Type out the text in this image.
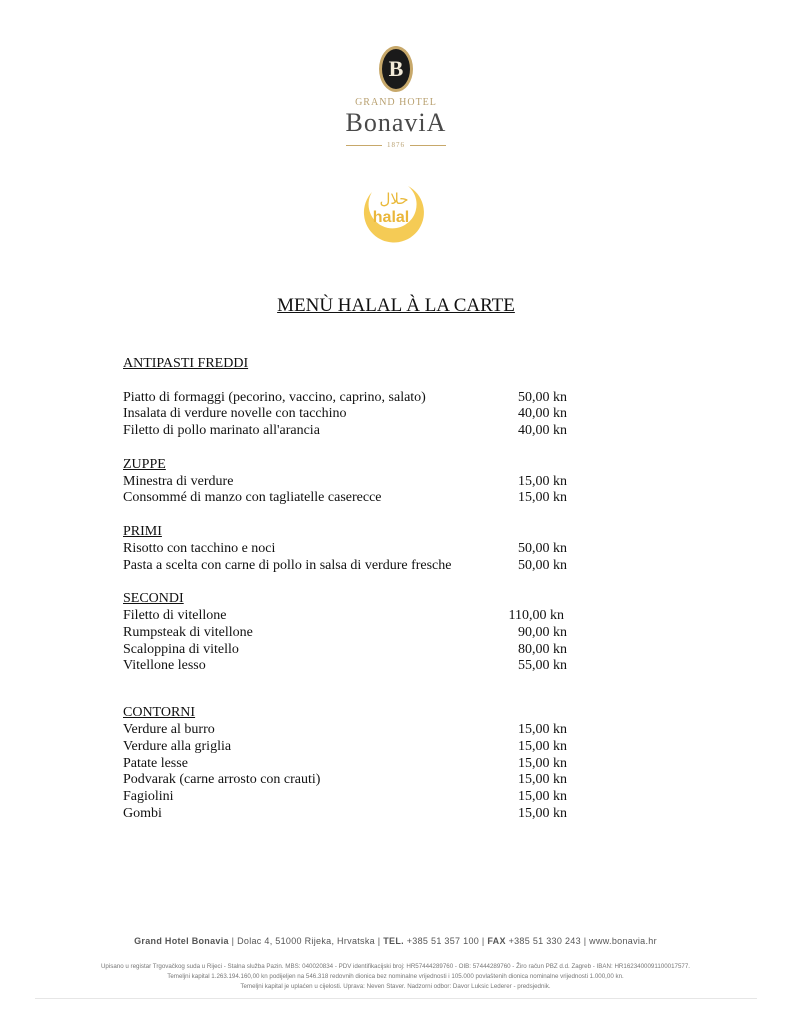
B
GRAND HOTEL
BonaviA
1876
حلال
halal
MENÙ HALAL À LA CARTE
ANTIPASTI FREDDI
Piatto di formaggi (pecorino, vaccino, caprino, salato)	50,00 kn
Insalata di verdure novelle con tacchino	40,00 kn
Filetto di pollo marinato all'arancia	40,00 kn
ZUPPE
Minestra di verdure	15,00 kn
Consommé di manzo con tagliatelle caserecce	15,00 kn
PRIMI
Risotto con tacchino e noci	50,00 kn
Pasta a scelta con carne di pollo in salsa di verdure fresche	50,00 kn
SECONDI
Filetto di vitellone	110,00 kn
Rumpsteak di vitellone	90,00 kn
Scaloppina di vitello	80,00 kn
Vitellone lesso	55,00 kn
CONTORNI
Verdure al burro	15,00 kn
Verdure alla griglia	15,00 kn
Patate lesse	15,00 kn
Podvarak (carne arrosto con crauti)	15,00 kn
Fagiolini	15,00 kn
Gombi	15,00 kn
Grand Hotel Bonavia | Dolac 4, 51000 Rijeka, Hrvatska | TEL. +385 51 357 100 | FAX +385 51 330 243 | www.bonavia.hr
Upisano u registar Trgovačkog suda u Rijeci - Stalna služba Pazin. MBS: 040020834 - PDV identifikacijski broj: HR57444289760 - OIB: 57444289760 - Žiro račun PBZ d.d. Zagreb - IBAN: HR1623400091100017577.
Temeljni kapital 1.263.194.160,00 kn podijeljen na 546.318 redovnih dionica bez nominalne vrijednosti i 105.000 povlaštenih dionica nominalne vrijednosti 1.000,00 kn.
Temeljni kapital je uplaćen u cijelosti. Uprava: Neven Staver. Nadzorni odbor: Davor Luksic Lederer - predsjednik.
